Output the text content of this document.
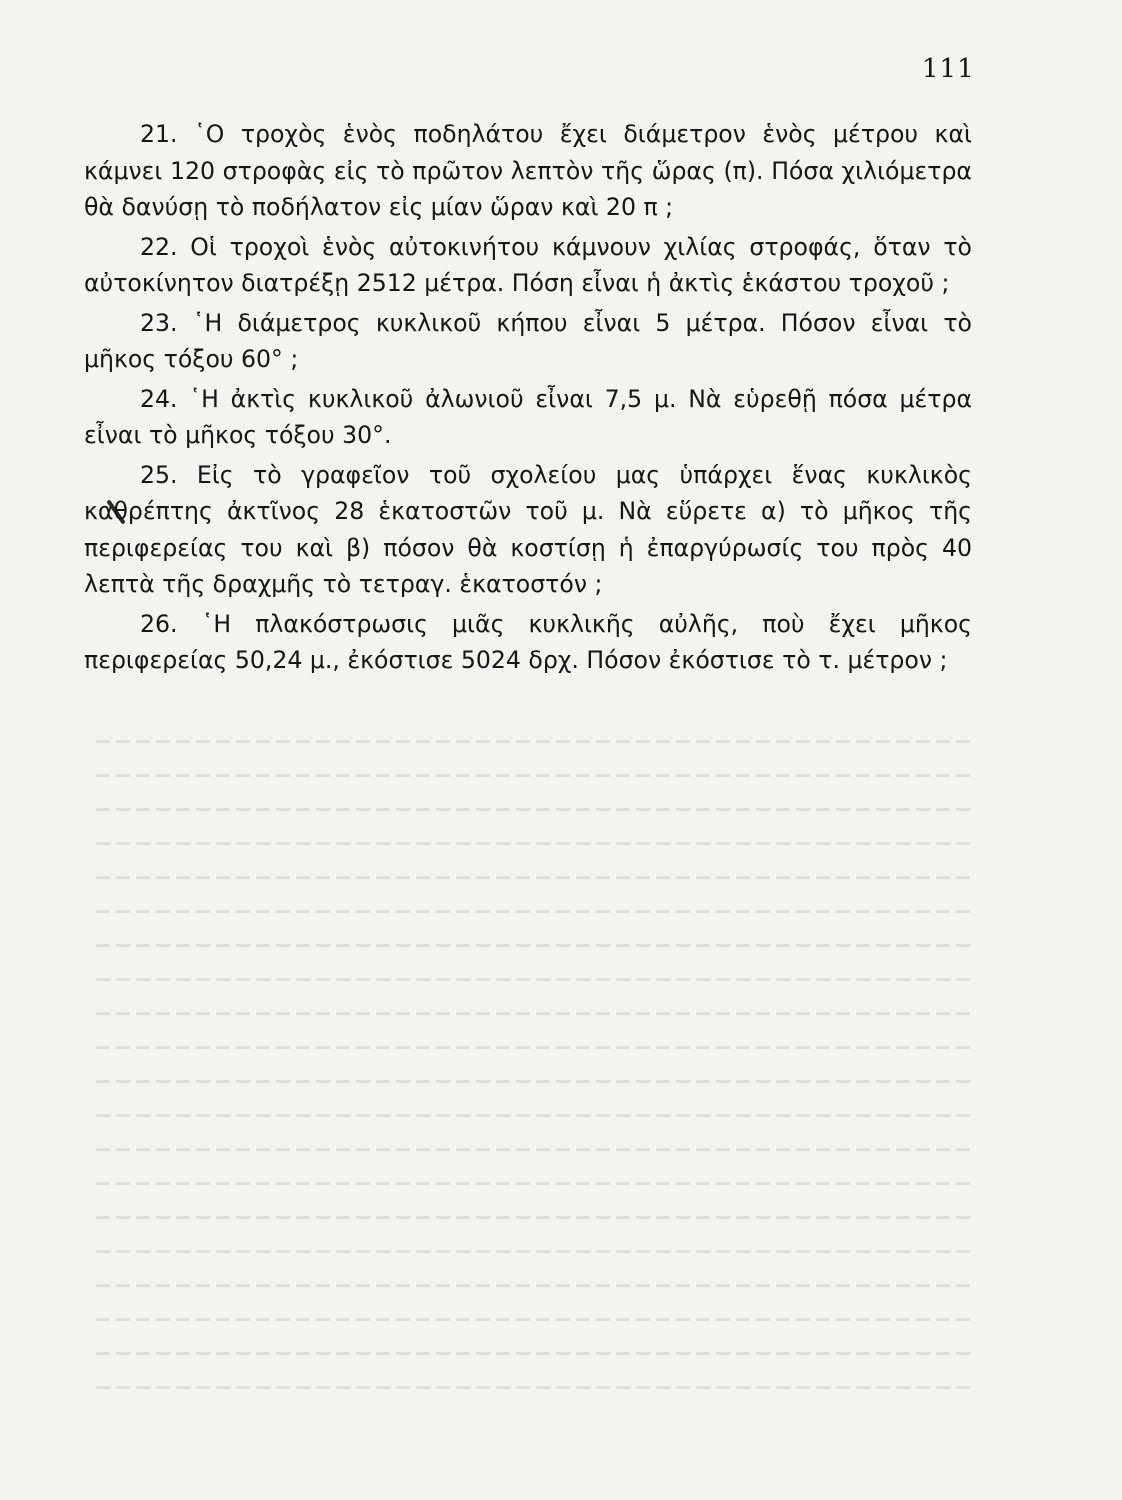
111

21. ῾Ο τροχὸς ἑνὸς ποδηλάτου ἔχει διάμετρον ἑνὸς μέτρου καὶ κάμνει 120 στροφὰς εἰς τὸ πρῶτον λεπτὸν τῆς ὥρας (π). Πόσα χιλιόμετρα θὰ δανύσῃ τὸ ποδήλατον εἰς μίαν ὥραν καὶ 20 π ;

22. Οἱ τροχοὶ ἑνὸς αὐτοκινήτου κάμνουν χιλίας στροφάς, ὅταν τὸ αὐτοκίνητον διατρέξῃ 2512 μέτρα. Πόση εἶναι ἡ ἀκτὶς ἑκάστου τροχοῦ ;

23. ῾Η διάμετρος κυκλικοῦ κήπου εἶναι 5 μέτρα. Πόσον εἶναι τὸ μῆκος τόξου 60° ;

24. ῾Η ἀκτὶς κυκλικοῦ ἀλωνιοῦ εἶναι 7,5 μ. Νὰ εὑρεθῇ πόσα μέτρα εἶναι τὸ μῆκος τόξου 30°.

25. Εἰς τὸ γραφεῖον τοῦ σχολείου μας ὑπάρχει ἕνας κυκλικὸς καθρέπτης ἀκτῖνος 28 ἑκατοστῶν τοῦ μ. Νὰ εὕρετε α) τὸ μῆκος τῆς περιφερείας του καὶ β) πόσον θὰ κοστίσῃ ἡ ἐπαργύρωσίς του πρὸς 40 λεπτὰ τῆς δραχμῆς τὸ τετραγ. ἑκατοστόν ;

26. ῾Η πλακόστρωσις μιᾶς κυκλικῆς αὐλῆς, ποὺ ἔχει μῆκος περιφερείας 50,24 μ., ἐκόστισε 5024 δρχ. Πόσον ἐκόστισε τὸ τ. μέτρον ;
